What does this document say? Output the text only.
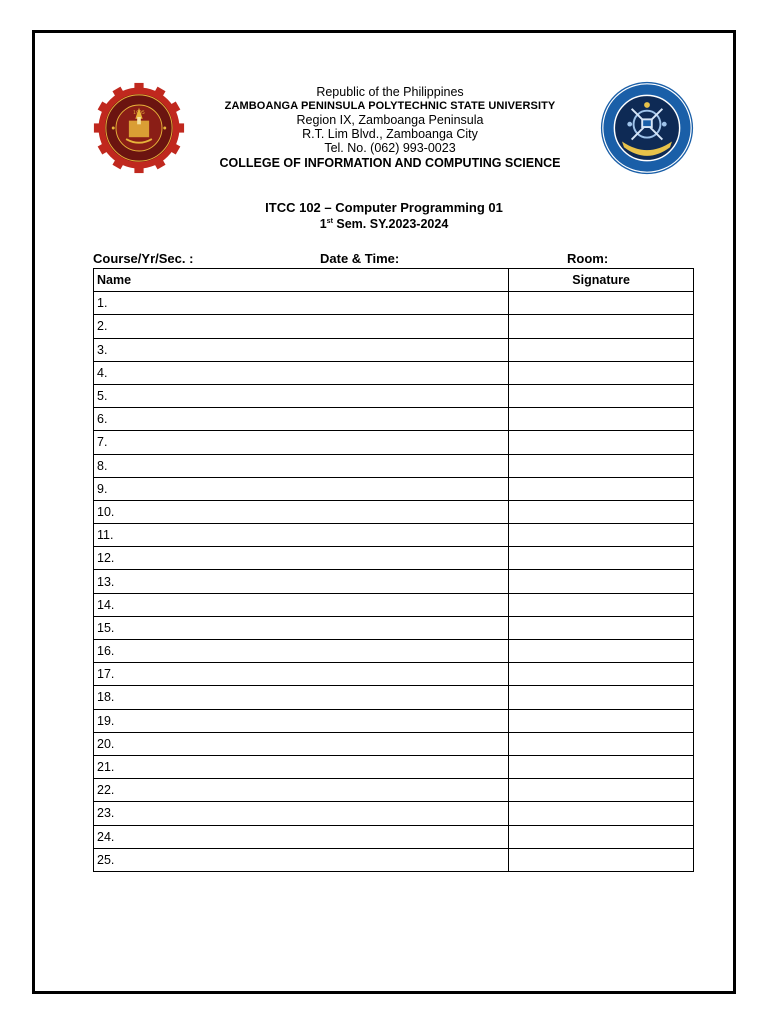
1905
Republic of the Philippines
ZAMBOANGA PENINSULA POLYTECHNIC STATE UNIVERSITY
Region IX, Zamboanga Peninsula
R.T. Lim Blvd., Zamboanga City
Tel. No. (062) 993-0023
COLLEGE OF INFORMATION AND COMPUTING SCIENCE
ITCC 102 – Computer Programming 01
1st Sem. SY.2023-2024
Course/Yr/Sec. :	Date & Time:	Room:
Name	Signature
1.	
2.	
3.	
4.	
5.	
6.	
7.	
8.	
9.	
10.	
11.	
12.	
13.	
14.	
15.	
16.	
17.	
18.	
19.	
20.	
21.	
22.	
23.	
24.	
25.	
